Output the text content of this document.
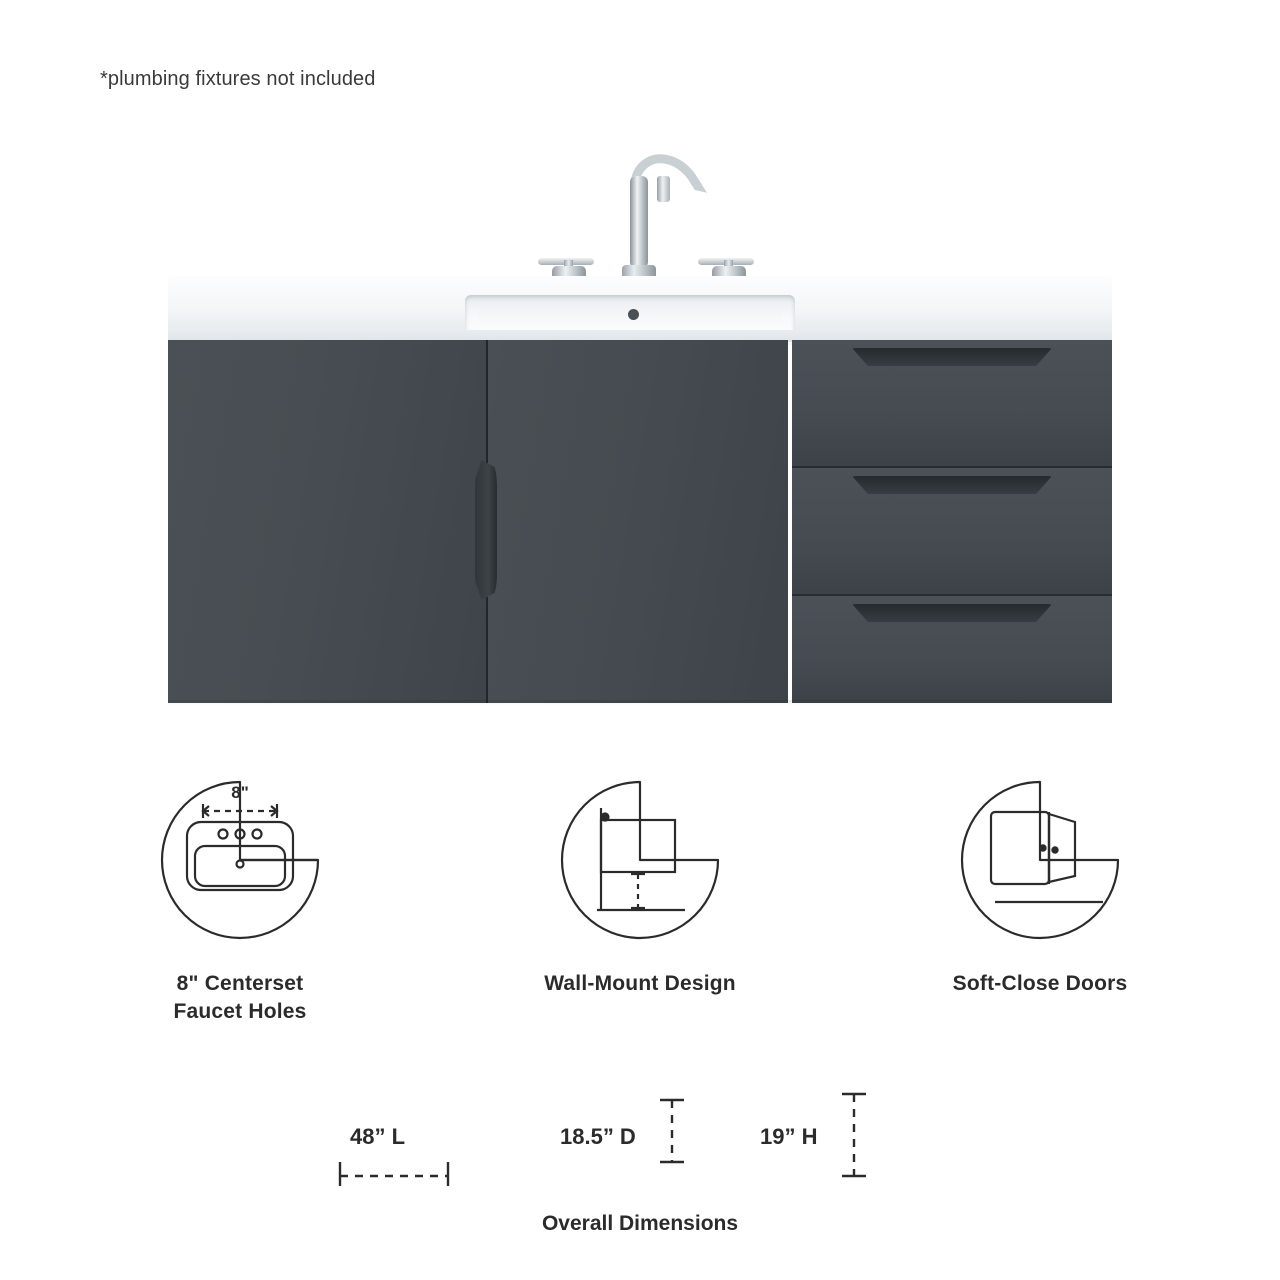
*plumbing fixtures not included
8"
8" Centerset
Faucet Holes
Wall-Mount Design	Soft-Close Doors
48” L	18.5” D	19” H
Overall Dimensions
